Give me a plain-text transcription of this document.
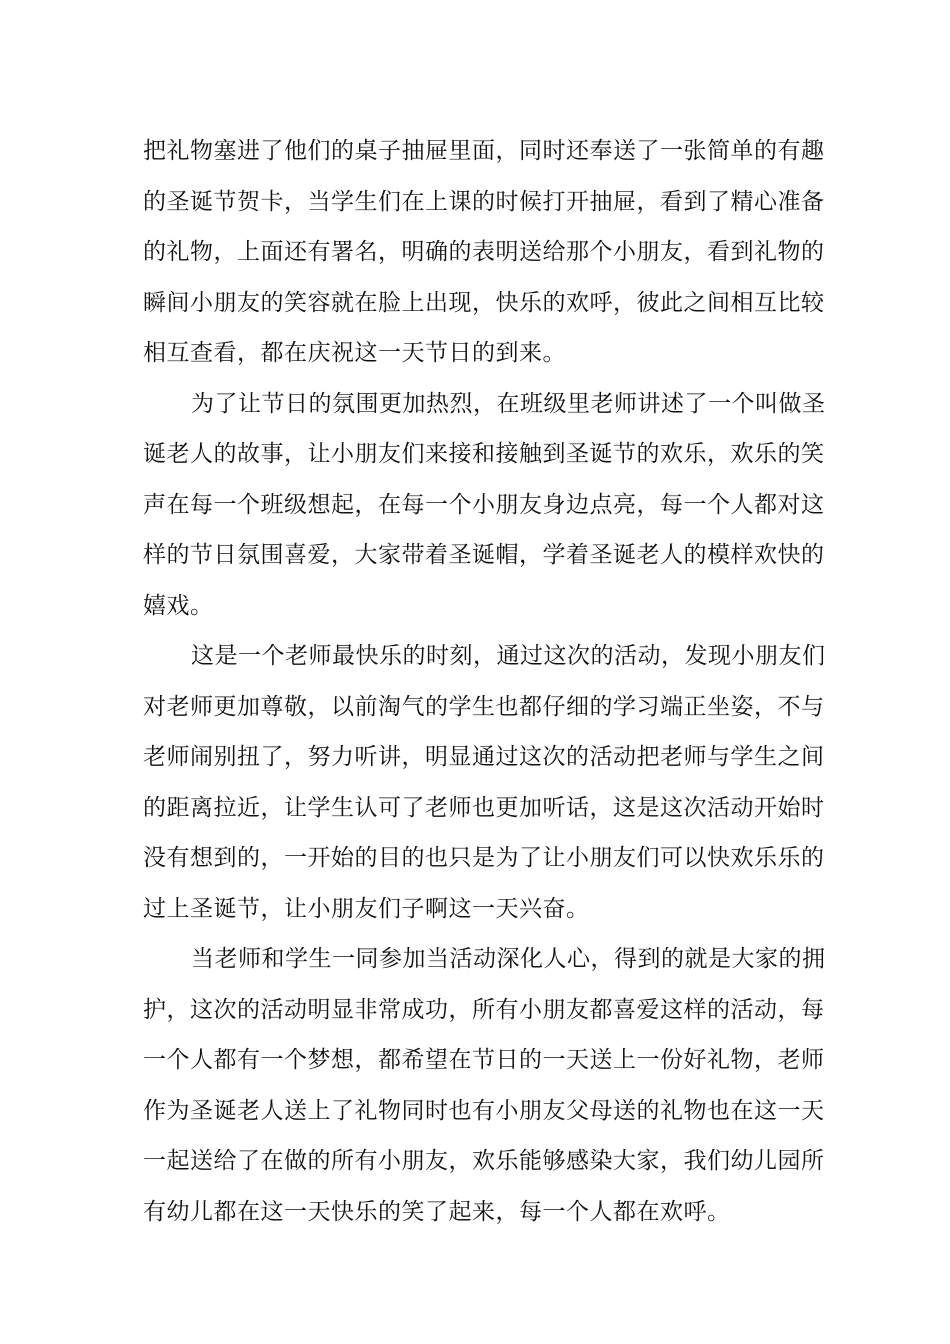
把礼物塞进了他们的桌子抽屉里面，同时还奉送了一张简单的有趣
的圣诞节贺卡，当学生们在上课的时候打开抽屉，看到了精心准备
的礼物，上面还有署名，明确的表明送给那个小朋友，看到礼物的
瞬间小朋友的笑容就在脸上出现，快乐的欢呼，彼此之间相互比较
相互查看，都在庆祝这一天节日的到来。
为了让节日的氛围更加热烈，在班级里老师讲述了一个叫做圣
诞老人的故事，让小朋友们来接和接触到圣诞节的欢乐，欢乐的笑
声在每一个班级想起，在每一个小朋友身边点亮，每一个人都对这
样的节日氛围喜爱，大家带着圣诞帽，学着圣诞老人的模样欢快的
嬉戏。
这是一个老师最快乐的时刻，通过这次的活动，发现小朋友们
对老师更加尊敬，以前淘气的学生也都仔细的学习端正坐姿，不与
老师闹别扭了，努力听讲，明显通过这次的活动把老师与学生之间
的距离拉近，让学生认可了老师也更加听话，这是这次活动开始时
没有想到的，一开始的目的也只是为了让小朋友们可以快欢乐乐的
过上圣诞节，让小朋友们子啊这一天兴奋。
当老师和学生一同参加当活动深化人心，得到的就是大家的拥
护，这次的活动明显非常成功，所有小朋友都喜爱这样的活动，每
一个人都有一个梦想，都希望在节日的一天送上一份好礼物，老师
作为圣诞老人送上了礼物同时也有小朋友父母送的礼物也在这一天
一起送给了在做的所有小朋友，欢乐能够感染大家，我们幼儿园所
有幼儿都在这一天快乐的笑了起来，每一个人都在欢呼。
